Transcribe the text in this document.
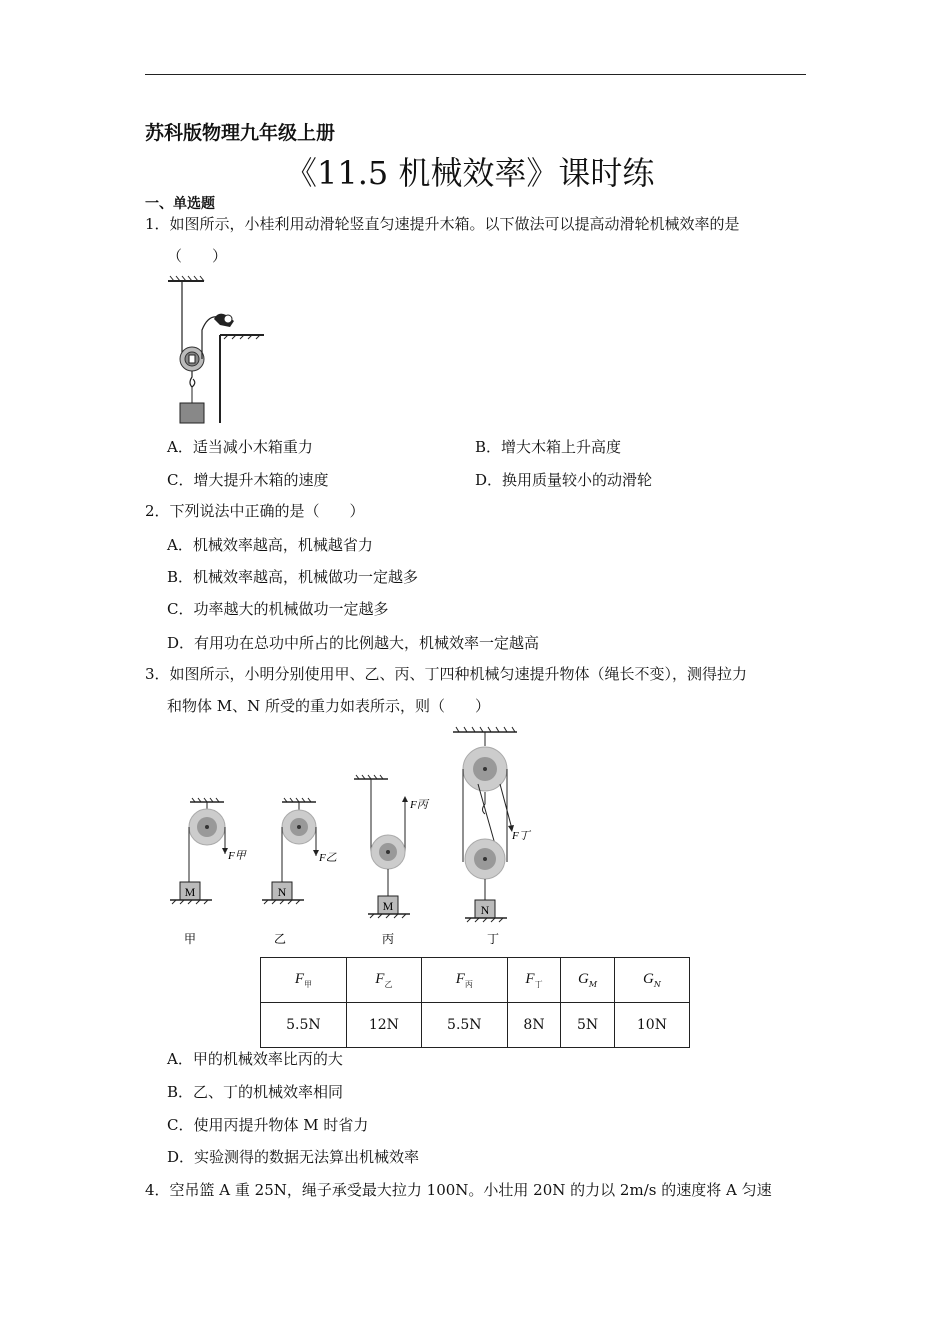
苏科版物理九年级上册
《11.5 机械效率》课时练
一、单选题
1．如图所示，小桂利用动滑轮竖直匀速提升木箱。以下做法可以提高动滑轮机械效率的是
（　　）
A．适当减小木箱重力	B．增大木箱上升高度
C．增大提升木箱的速度	D．换用质量较小的动滑轮
2．下列说法中正确的是（　　）
A．机械效率越高，机械越省力
B．机械效率越高，机械做功一定越多
C．功率越大的机械做功一定越多
D．有用功在总功中所占的比例越大，机械效率一定越高
3．如图所示，小明分别使用甲、乙、丙、丁四种机械匀速提升物体（绳长不变），测得拉力
和物体 M、N 所受的重力如表所示，则（　　）
F甲
M
甲
F乙
N
乙
F丙
M
丙
F丁
N
丁
$F_甲$	$F_乙$	$F_丙$	$F_丁$	$G_M$	$G_N$
5.5N	12N	5.5N	8N	5N	10N
A．甲的机械效率比丙的大
B．乙、丁的机械效率相同
C．使用丙提升物体 M 时省力
D．实验测得的数据无法算出机械效率
4．空吊篮 A 重 25N，绳子承受最大拉力 100N。小壮用 20N 的力以 2m/s 的速度将 A 匀速
